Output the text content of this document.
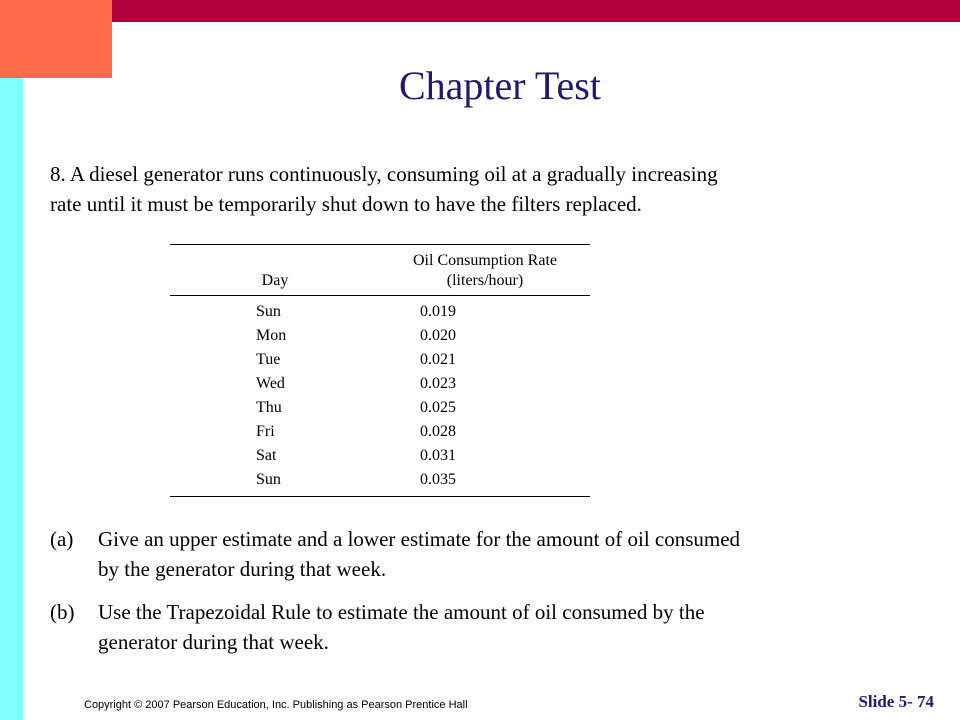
Chapter Test

8. A diesel generator runs continuously, consuming oil at a gradually increasing rate until it must be temporarily shut down to have the filters replaced.

Day	Oil Consumption Rate
(liters/hour)
Sun	0.019
Mon	0.020
Tue	0.021
Wed	0.023
Thu	0.025
Fri	0.028
Sat	0.031
Sun	0.035
(a)	Give an upper estimate and a lower estimate for the amount of oil consumed by the generator during that week.
(b)	Use the Trapezoidal Rule to estimate the amount of oil consumed by the generator during that week.
Copyright © 2007 Pearson Education, Inc. Publishing as Pearson Prentice Hall	Slide 5- 74
